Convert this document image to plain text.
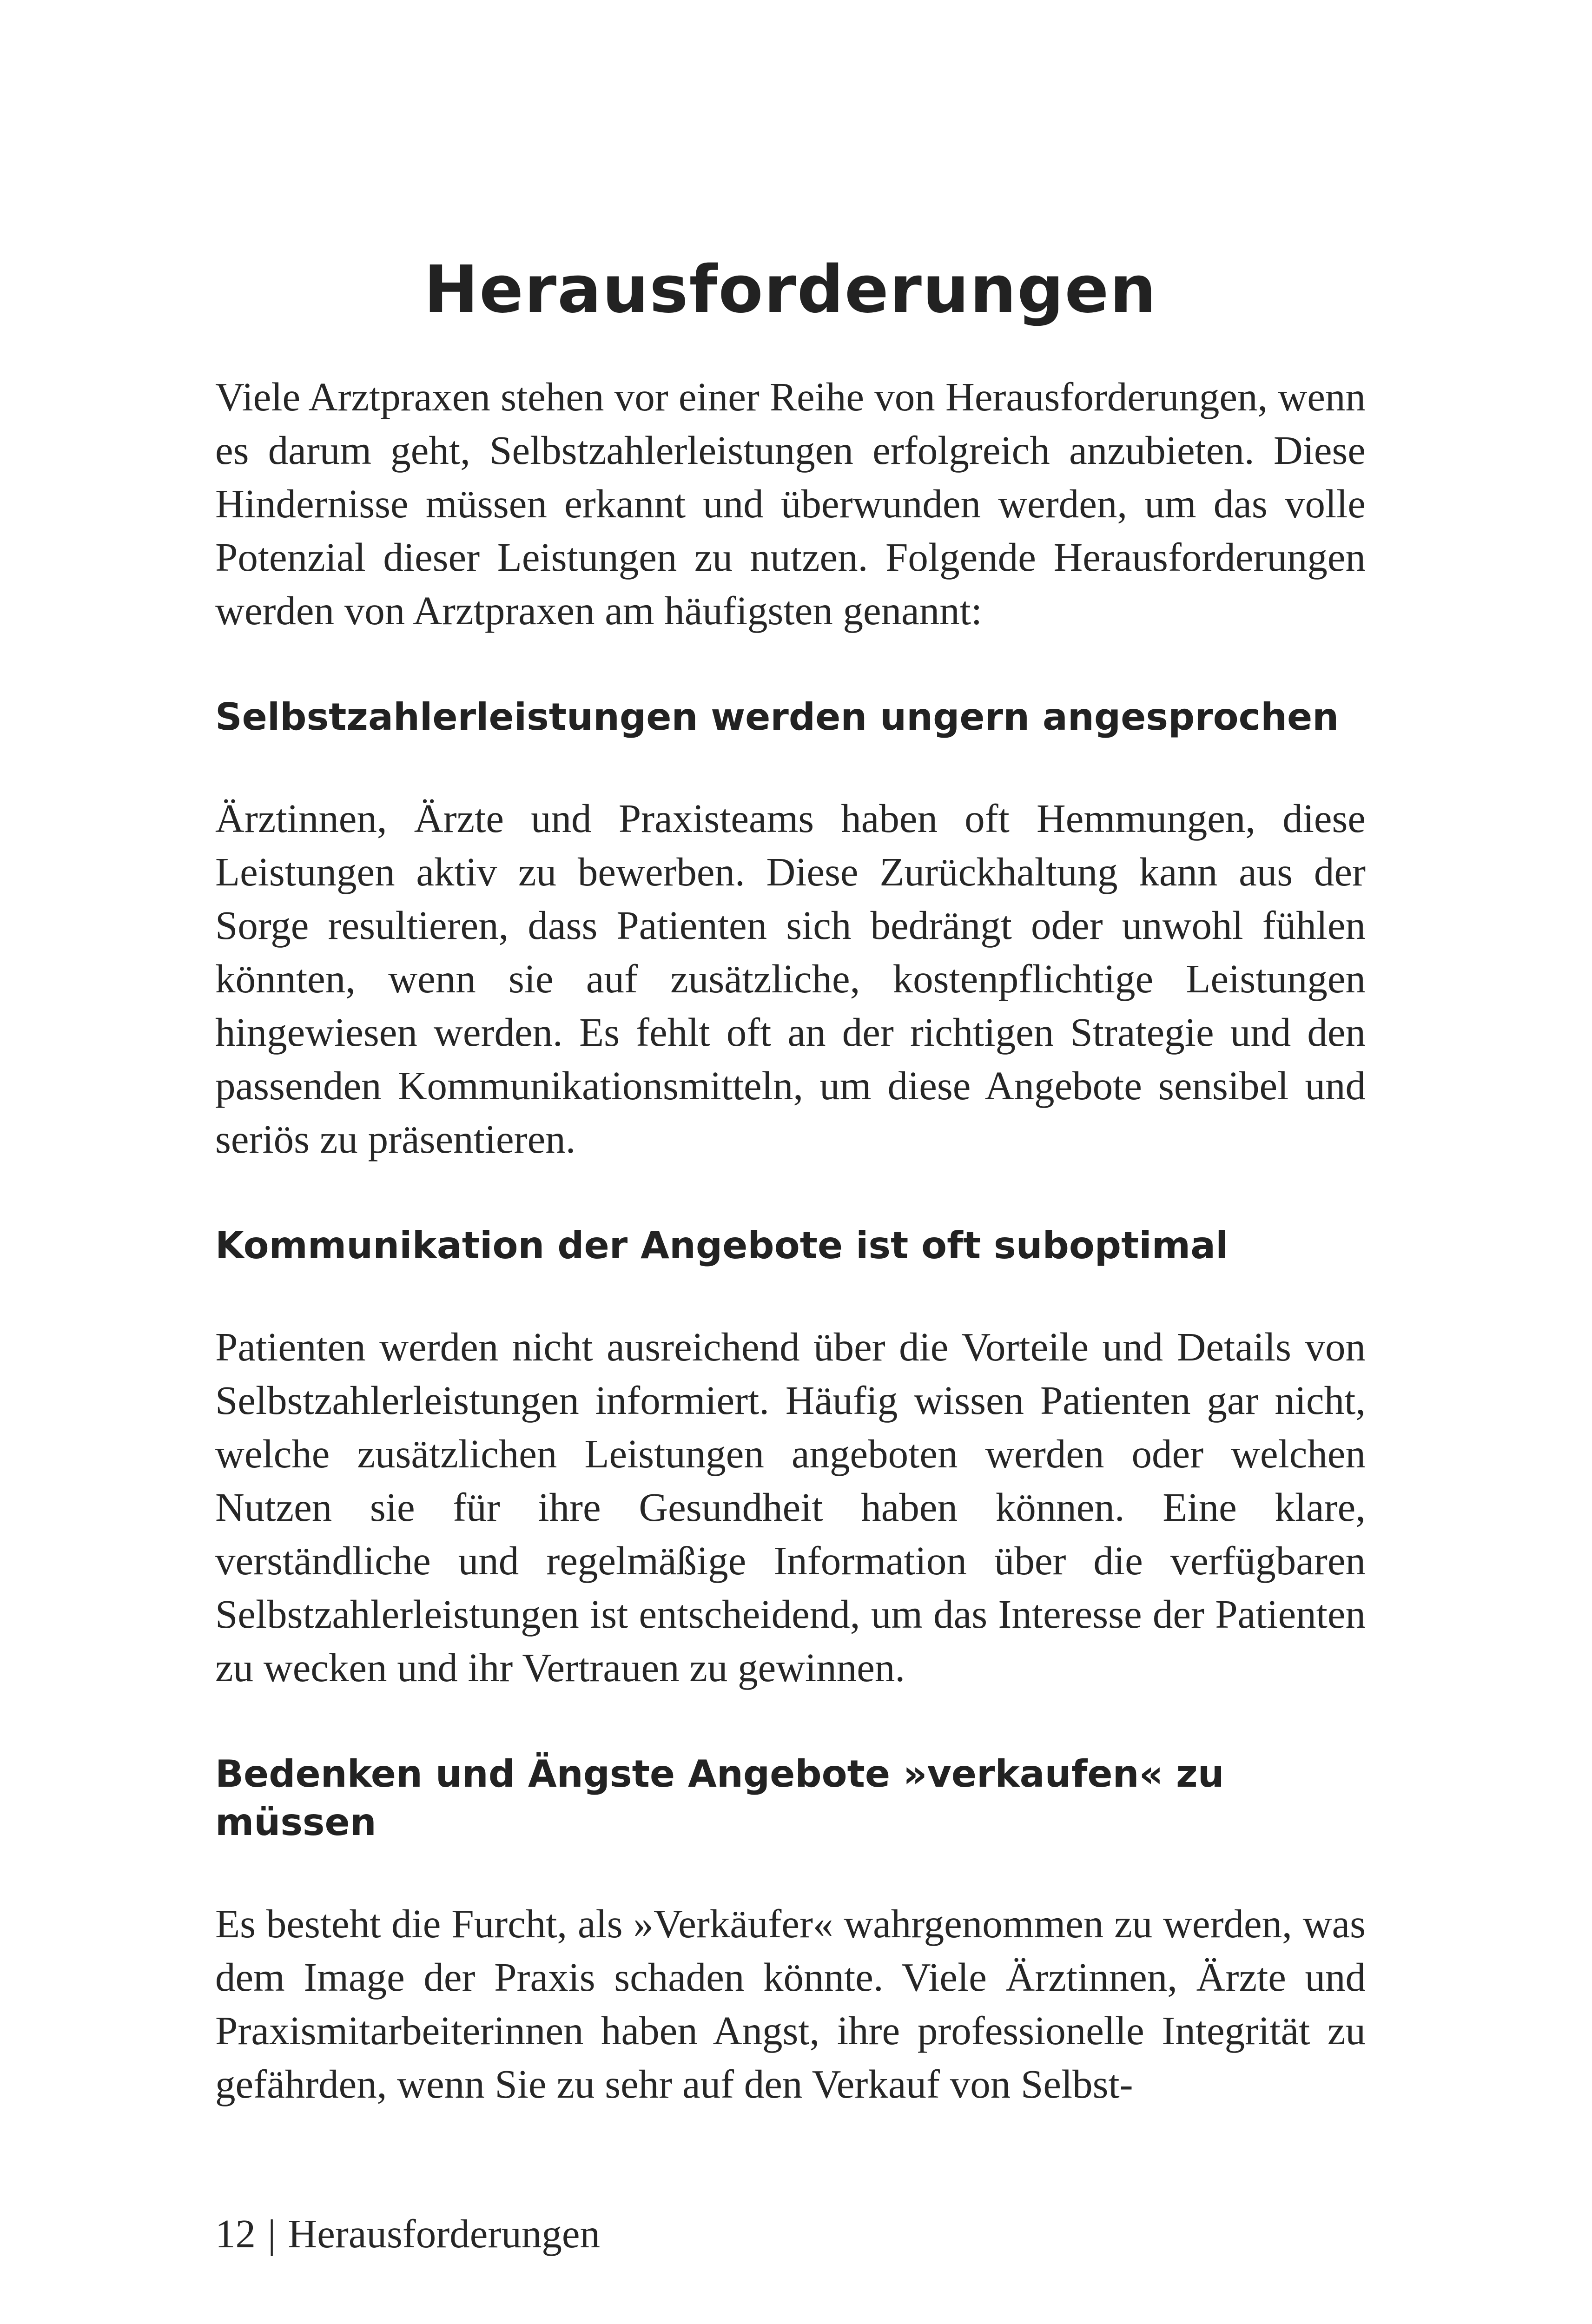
Herausforderungen

Viele Arztpraxen stehen vor einer Reihe von Herausforderungen, wenn es darum geht, Selbstzahlerleistungen erfolgreich anzubieten. Diese Hindernisse müssen erkannt und überwunden werden, um das volle Potenzial dieser Leistungen zu nutzen. Folgende Herausforderungen werden von Arztpraxen am häufigsten genannt:

Selbstzahlerleistungen werden ungern angesprochen

Ärztinnen, Ärzte und Praxisteams haben oft Hemmungen, diese Leistungen aktiv zu bewerben. Diese Zurückhaltung kann aus der Sorge resultieren, dass Patienten sich bedrängt oder unwohl fühlen könnten, wenn sie auf zusätzliche, kostenpflichtige Leistungen hingewiesen werden. Es fehlt oft an der richtigen Strategie und den passenden Kommunikationsmitteln, um diese Angebote sensibel und seriös zu präsentieren.

Kommunikation der Angebote ist oft suboptimal

Patienten werden nicht ausreichend über die Vorteile und Details von Selbstzahlerleistungen informiert. Häufig wissen Patienten gar nicht, welche zusätzlichen Leistungen angeboten werden oder welchen Nutzen sie für ihre Gesundheit haben können. Eine klare, verständliche und regelmäßige Information über die verfügbaren Selbstzahlerleistungen ist entscheidend, um das Interesse der Patienten zu wecken und ihr Vertrauen zu gewinnen.

Bedenken und Ängste Angebote »verkaufen« zu müssen

Es besteht die Furcht, als »Verkäufer« wahrgenommen zu werden, was dem Image der Praxis schaden könnte. Viele Ärztinnen, Ärzte und Praxismitarbeiterinnen haben Angst, ihre professionelle Integrität zu gefährden, wenn Sie zu sehr auf den Verkauf von Selbst-

12 | Herausforderungen
